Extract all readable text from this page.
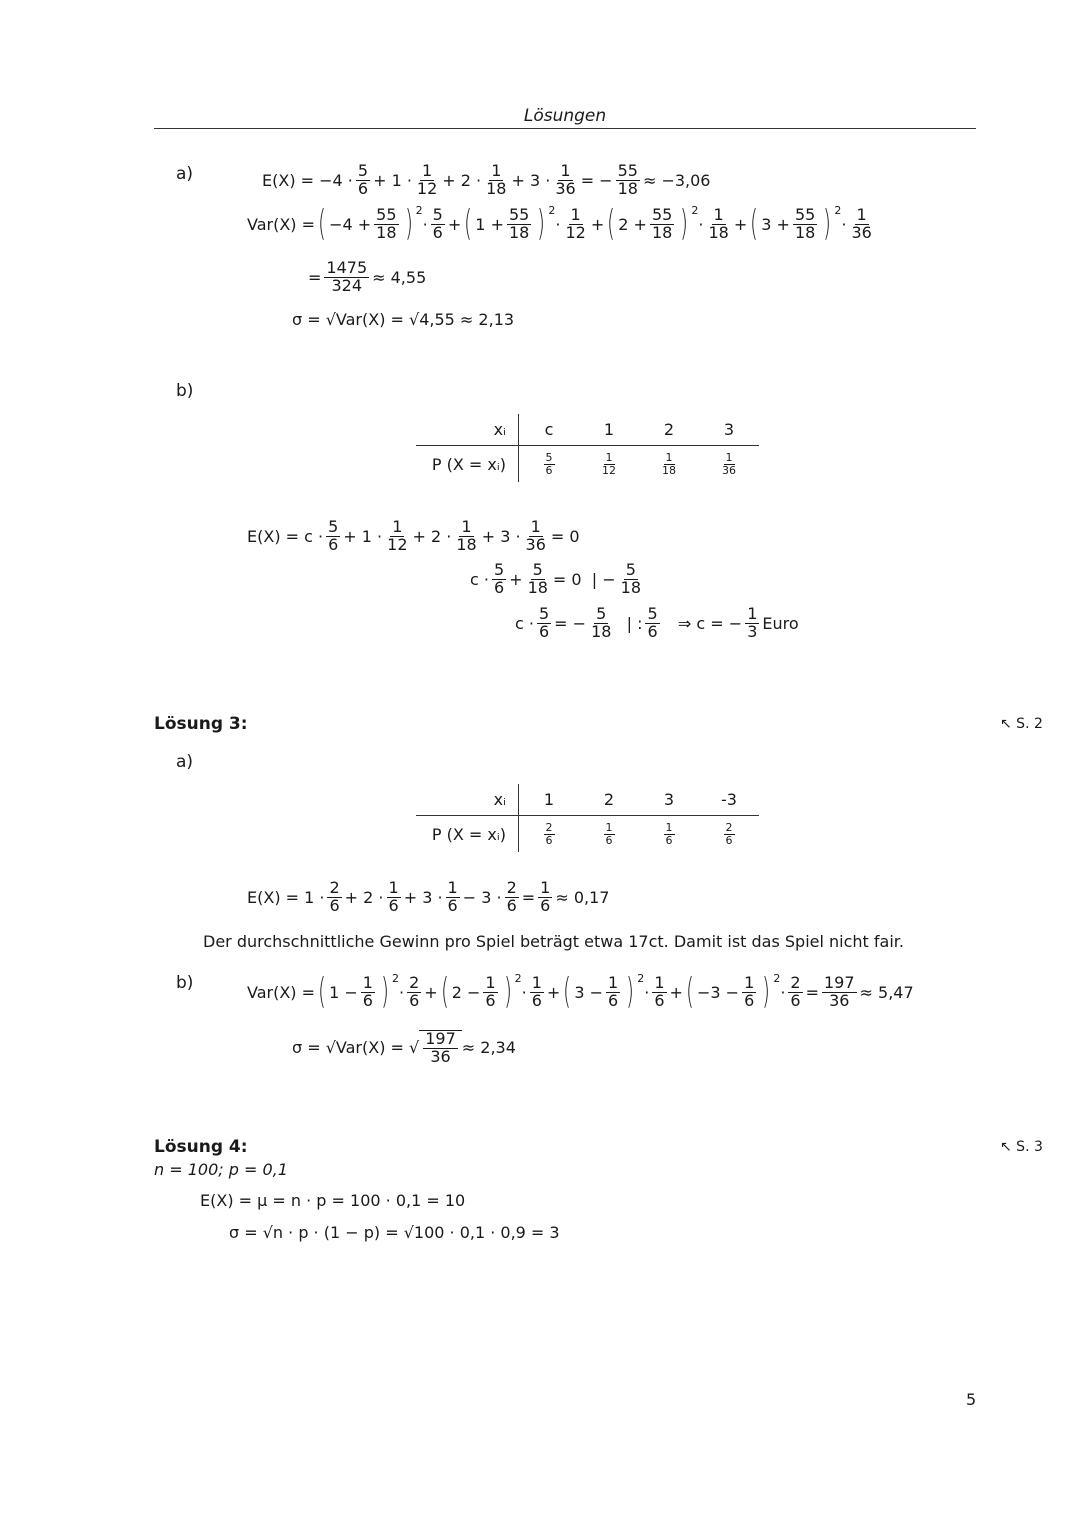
Lösungen
a)	E(X) = −4 ·
5
6 + 1 ·
1
12 + 2 ·
1
18 + 3 ·
1
36 = − $\frac{55}{18} \approx -3,06$
Var(X) = ( −4 +
55
18 ) 2
·
5
6 + ( 1 +
55
18 ) 2
·
1
12 + ( 2 +
55
18 ) 2
·
1
18 + ( 3 +
55
18 ) 2
·
1
36
= $\frac{1475}{324} \approx 4,55$
σ = √Var(X) = √4,55 ≈ 2,13
b)
xᵢ	c	1	2	3
P (X = xᵢ)	$\frac{5}{6}$	$\frac{1}{12}$	$\frac{1}{18}$	$\frac{1}{36}$
E(X) = c ·
5
6 + 1 ·
1
12 + 2 ·
1
$18 + 3 \cdot \frac{1}{36} = 0$
c ·
5
$6 + \frac{5}{18} = 0$ | −
5
18
c ·
5
6 = −
5
18 | :
5
6
⇒ c = − $\frac{1}{3}$ Euro
Lösung 3:	↖ S. 2
a)
xᵢ	1	2	3	-3
P (X = xᵢ)	$\frac{2}{6}$	$\frac{1}{6}$	$\frac{1}{6}$	$\frac{2}{6}$
E(X) = 1 ·
2
6 + 2 ·
1
6 + 3 ·
1
6 − 3 ·
2
$6 = \frac{1}{6} \approx 0,17$
Der durchschnittliche Gewinn pro Spiel beträgt etwa 17ct. Damit ist das Spiel nicht fair.
b)	Var(X) = ( 1 −
1
6 ) 2
·
2
6 + ( 2 −
1
6 ) 2
·
1
6 + ( 3 −
1
6 ) 2
·
1
6 + ( −3 −
1
6 ) 2
·
2
$6 = \frac{197}{36} \approx 5,47$
σ = √Var(X) = √ $\frac{197}{36} \approx 2,34$
Lösung 4:	↖ S. 3
n = 100; p = 0,1
E(X) = μ = n · p = 100 · 0,1 = 10
σ = √n · p · (1 − p) = √100 · 0,1 · 0,9 = 3
5
